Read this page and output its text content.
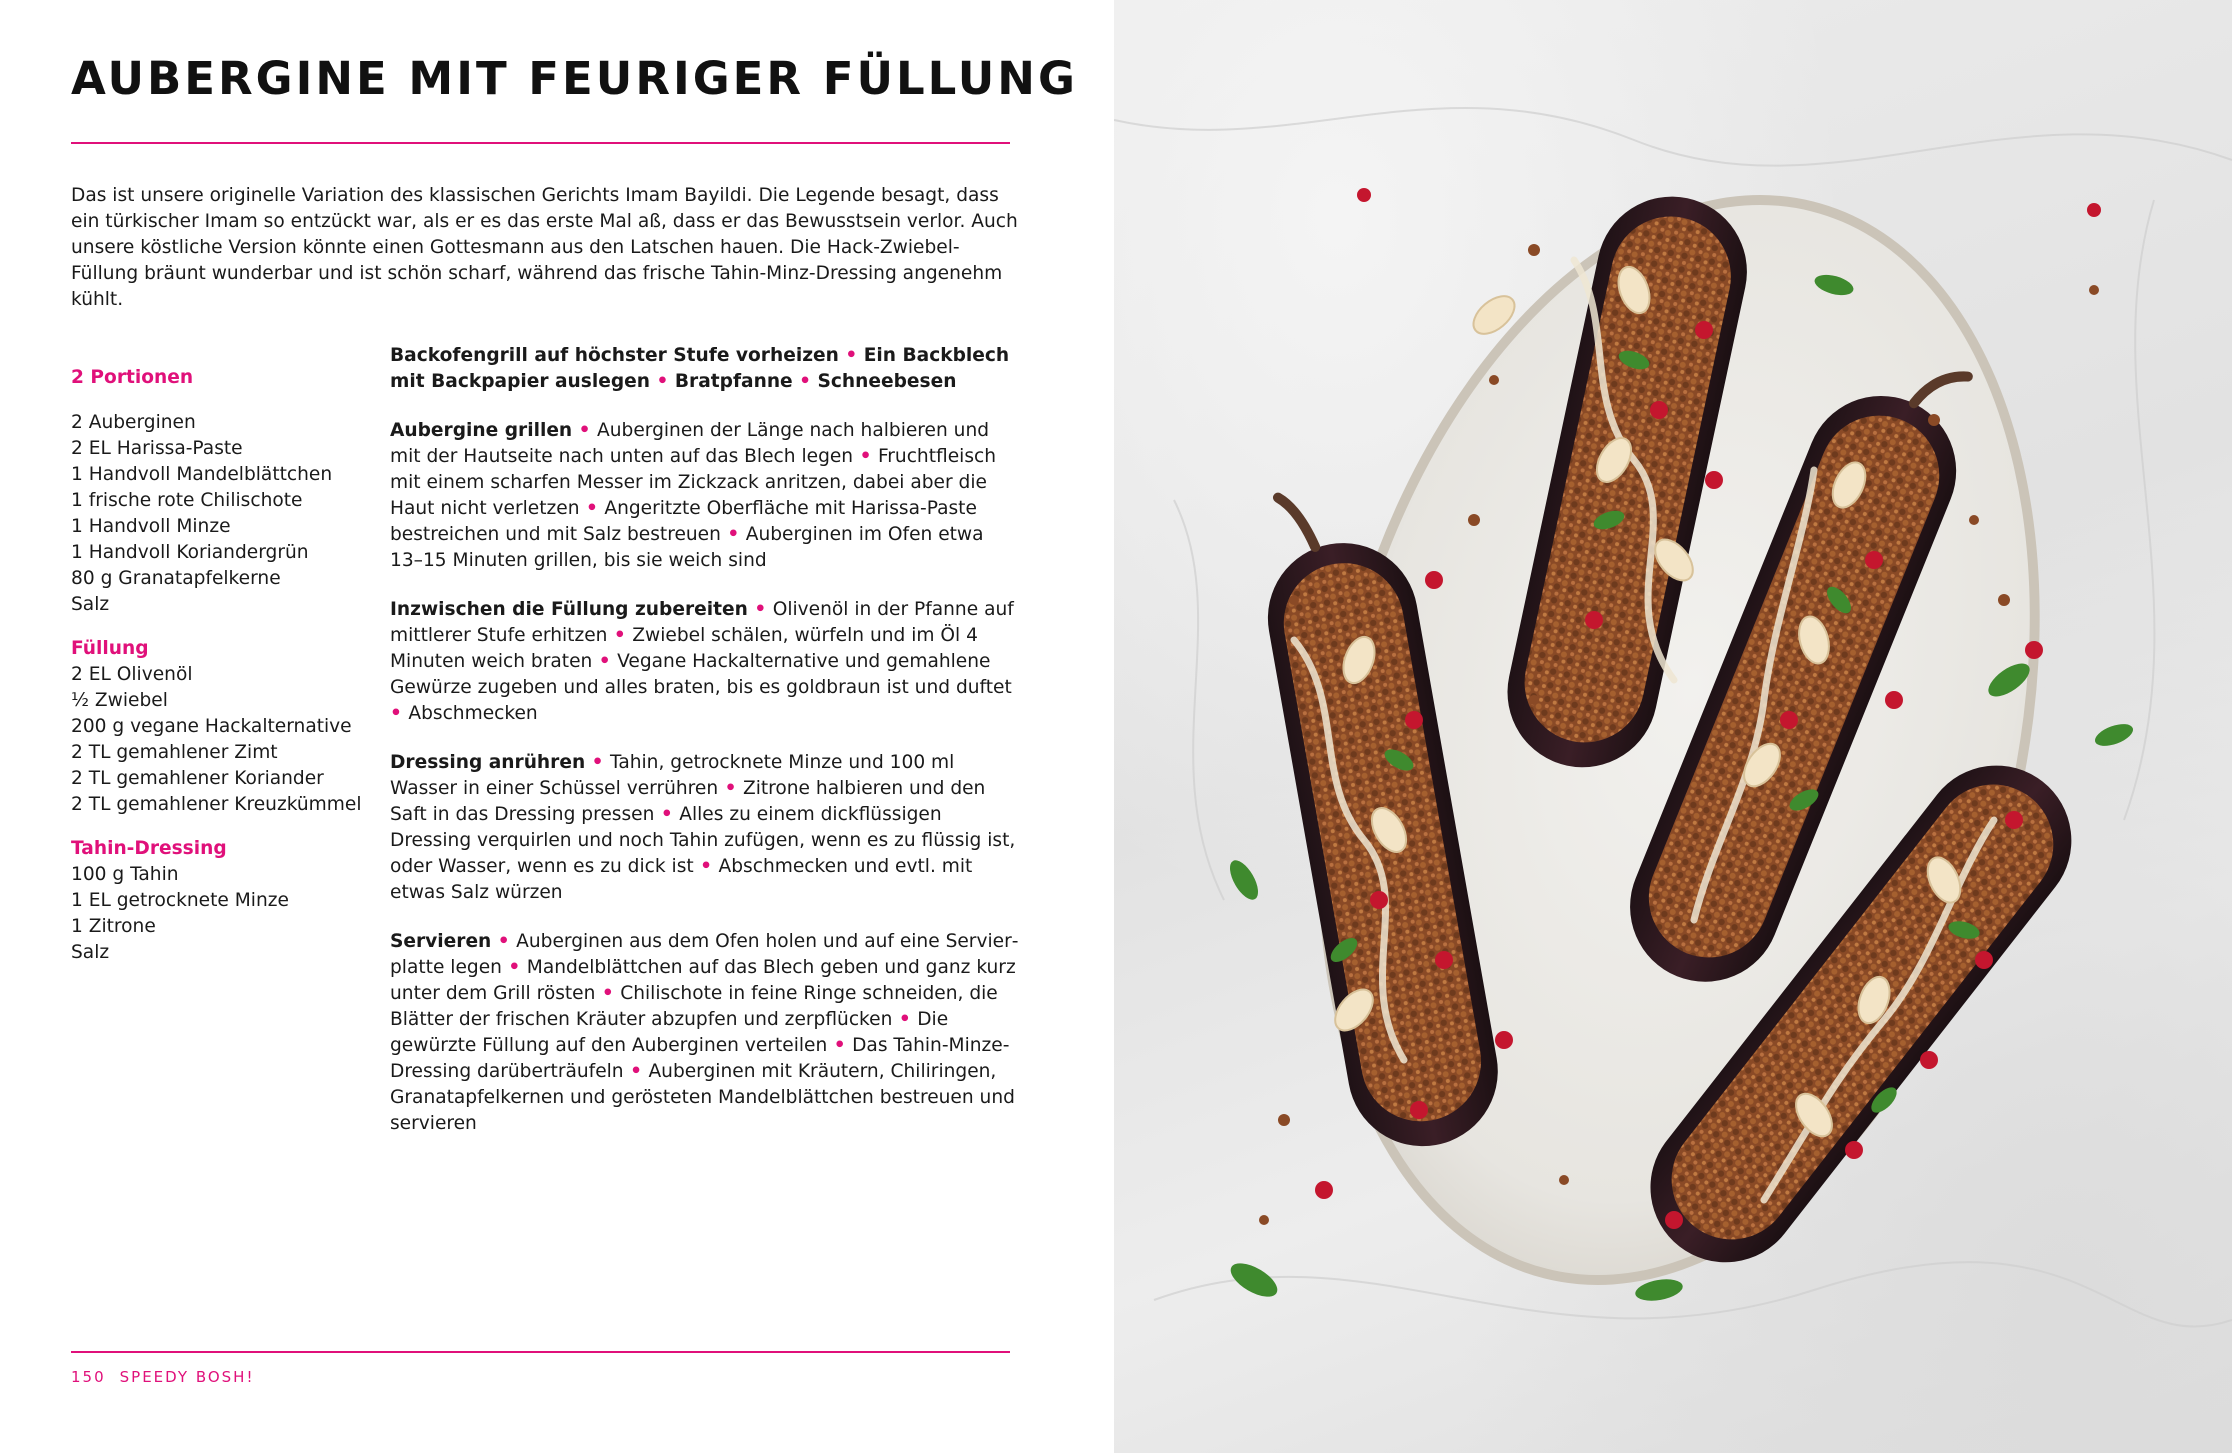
AUBERGINE MIT FEURIGER FÜLLUNG

Das ist unsere originelle Variation des klassischen Gerichts Imam Bayildi. Die Legende besagt, dass ein türkischer Imam so entzückt war, als er es das erste Mal aß, dass er das Bewusstsein verlor. Auch unsere köstliche Version könnte einen Gottesmann aus den Latschen hauen. Die Hack-Zwiebel-Füllung bräunt wunderbar und ist schön scharf, während das frische Tahin-Minz-Dressing angenehm kühlt.

2 Portionen

2 Auberginen
2 EL Harissa-Paste
1 Handvoll Mandelblättchen
1 frische rote Chilischote
1 Handvoll Minze
1 Handvoll Koriandergrün
80 g Granatapfelkerne
Salz

Füllung

2 EL Olivenöl
½ Zwiebel
200 g vegane Hackalternative
2 TL gemahlener Zimt
2 TL gemahlener Koriander
2 TL gemahlener Kreuzkümmel

Tahin-Dressing

100 g Tahin
1 EL getrocknete Minze
1 Zitrone
Salz

Backofengrill auf höchster Stufe vorheizen • Ein Backblech mit Backpapier auslegen • Bratpfanne • Schneebesen

Aubergine grillen • Auberginen der Länge nach halbieren und mit der Hautseite nach unten auf das Blech legen • Fruchtfleisch mit einem scharfen Messer im Zickzack anritzen, dabei aber die Haut nicht verletzen • Angeritzte Oberfläche mit Harissa-Paste bestreichen und mit Salz bestreuen • Auberginen im Ofen etwa 13–15 Minuten grillen, bis sie weich sind

Inzwischen die Füllung zubereiten • Olivenöl in der Pfanne auf mittlerer Stufe erhitzen • Zwiebel schälen, würfeln und im Öl 4 Minuten weich braten • Vegane Hackalternative und gemahlene Gewürze zugeben und alles braten, bis es goldbraun ist und duftet • Abschmecken

Dressing anrühren • Tahin, getrocknete Minze und 100 ml Wasser in einer Schüssel verrühren • Zitrone halbieren und den Saft in das Dressing pressen • Alles zu einem dickflüssigen Dressing verquirlen und noch Tahin zufügen, wenn es zu flüssig ist, oder Wasser, wenn es zu dick ist • Abschmecken und evtl. mit etwas Salz würzen

Servieren • Auberginen aus dem Ofen holen und auf eine Servierplatte legen • Mandelblättchen auf das Blech geben und ganz kurz unter dem Grill rösten • Chilischote in feine Ringe schneiden, die Blätter der frischen Kräuter abzupfen und zerpflücken • Die gewürzte Füllung auf den Auberginen verteilen • Das Tahin-Minze-Dressing darüberträufeln • Auberginen mit Kräutern, Chiliringen, Granatapfelkernen und gerösteten Mandelblättchen bestreuen und servieren

150 SPEEDY BOSH!
